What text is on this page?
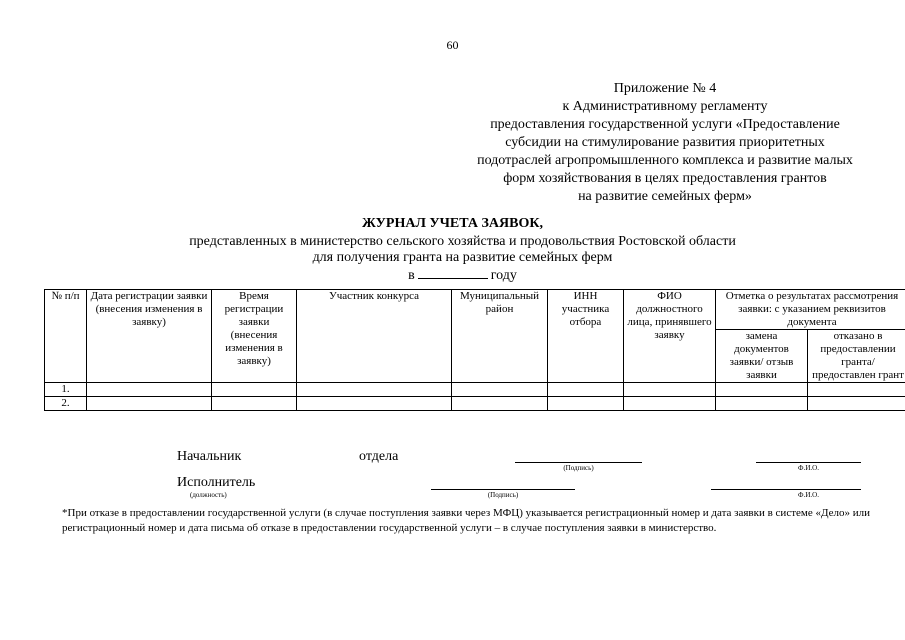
60
Приложение № 4
к Административному регламенту
предоставления государственной услуги «Предоставление
субсидии на стимулирование развития приоритетных
подотраслей агропромышленного комплекса и развитие малых
форм хозяйствования в целях предоставления грантов
на развитие семейных ферм»
ЖУРНАЛ УЧЕТА ЗАЯВОК,
представленных в министерство сельского хозяйства и продовольствия Ростовской области
для получения гранта на развитие семейных ферм
в	году
№ п/п	Дата регистрации заявки (внесения изменения в заявку)	Время регистрации заявки (внесения изменения в заявку)	Участник конкурса	Муниципальный район	ИНН участника отбора	ФИО должностного лица, принявшего заявку	Отметка о результатах рассмотрения заявки: с указанием реквизитов документа	
							замена документов заявки/ отзыв заявки	отказано в предоставлении гранта/ предоставлен грант
1.								
2.								
Начальник	отдела
(Подпись)	Ф.И.О.
Исполнитель
(должность)	(Подпись)	Ф.И.О.
*При отказе в предоставлении государственной услуги (в случае поступления заявки через МФЦ) указывается регистрационный номер и дата заявки в системе «Дело» или регистрационный номер и дата письма об отказе в предоставлении государственной услуги – в случае поступления заявки в министерство.
